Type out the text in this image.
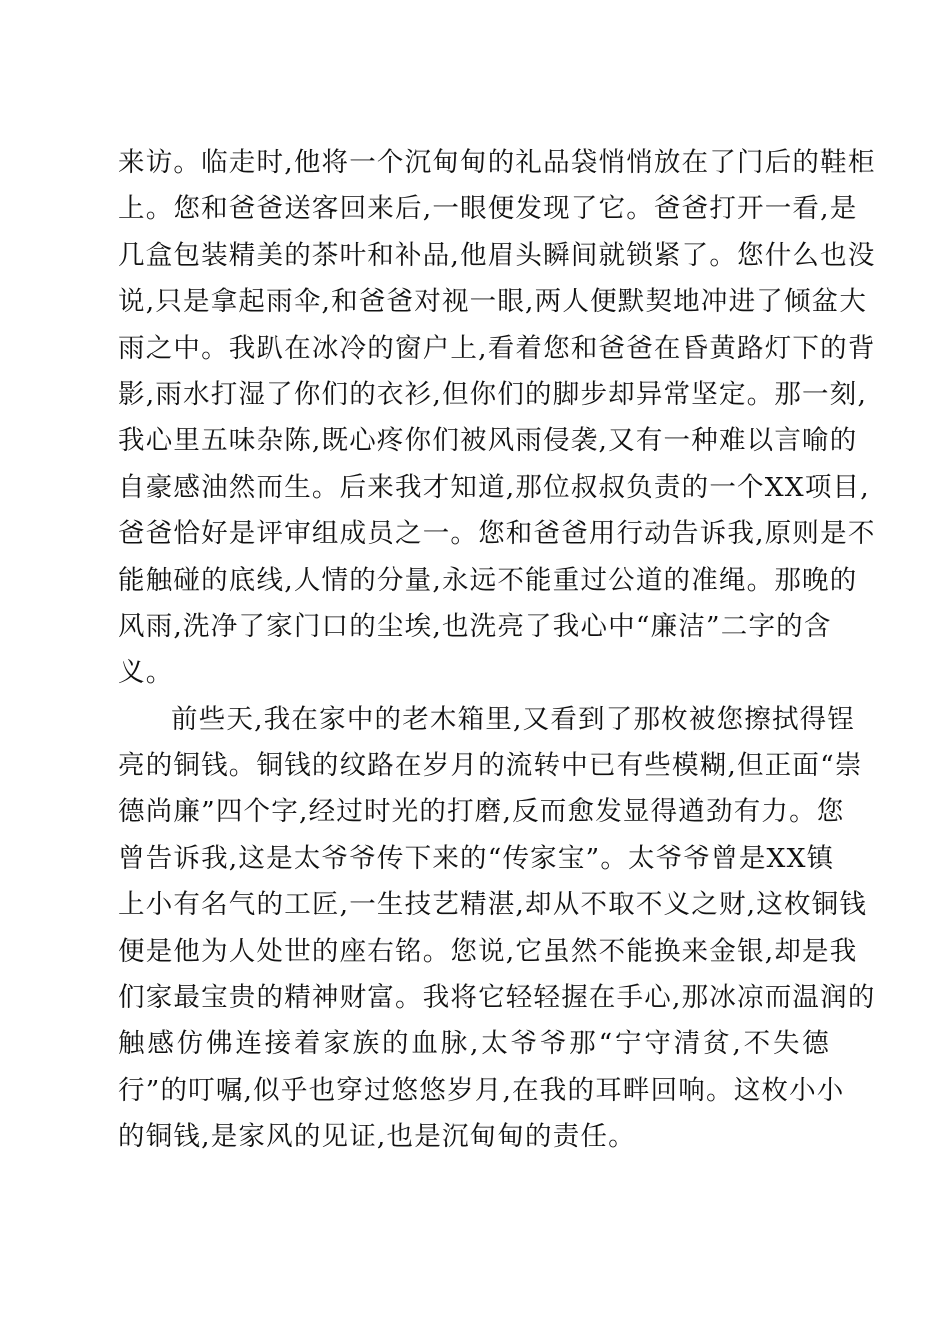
来访。临走时,他将一个沉甸甸的礼品袋悄悄放在了门后的鞋柜
上。您和爸爸送客回来后,一眼便发现了它。爸爸打开一看,是
几盒包装精美的茶叶和补品,他眉头瞬间就锁紧了。您什么也没
说,只是拿起雨伞,和爸爸对视一眼,两人便默契地冲进了倾盆大
雨之中。我趴在冰冷的窗户上,看着您和爸爸在昏黄路灯下的背
影,雨水打湿了你们的衣衫,但你们的脚步却异常坚定。那一刻,
我心里五味杂陈,既心疼你们被风雨侵袭,又有一种难以言喻的
自豪感油然而生。后来我才知道,那位叔叔负责的一个XX项目,
爸爸恰好是评审组成员之一。您和爸爸用行动告诉我,原则是不
能触碰的底线,人情的分量,永远不能重过公道的准绳。那晚的
风雨,洗净了家门口的尘埃,也洗亮了我心中“廉洁”二字的含
义。
前些天,我在家中的老木箱里,又看到了那枚被您擦拭得锃
亮的铜钱。铜钱的纹路在岁月的流转中已有些模糊,但正面“崇
德尚廉”四个字,经过时光的打磨,反而愈发显得遒劲有力。您
曾告诉我,这是太爷爷传下来的“传家宝”。太爷爷曾是XX镇
上小有名气的工匠,一生技艺精湛,却从不取不义之财,这枚铜钱
便是他为人处世的座右铭。您说,它虽然不能换来金银,却是我
们家最宝贵的精神财富。我将它轻轻握在手心,那冰凉而温润的
触感仿佛连接着家族的血脉,太爷爷那“宁守清贫,不失德
行”的叮嘱,似乎也穿过悠悠岁月,在我的耳畔回响。这枚小小
的铜钱,是家风的见证,也是沉甸甸的责任。
